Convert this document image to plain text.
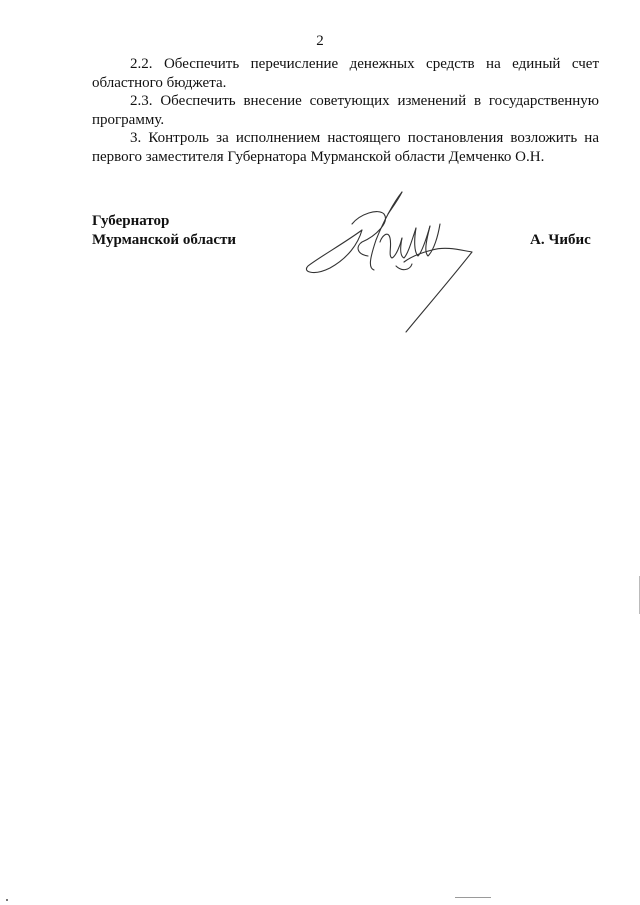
2

2.2. Обеспечить перечисление денежных средств на единый счет областного бюджета.

2.3. Обеспечить внесение советующих изменений в государственную программу.

3. Контроль за исполнением настоящего постановления возложить на первого заместителя Губернатора Мурманской области Демченко О.Н.

Губернатор
Мурманской области	А. Чибис
